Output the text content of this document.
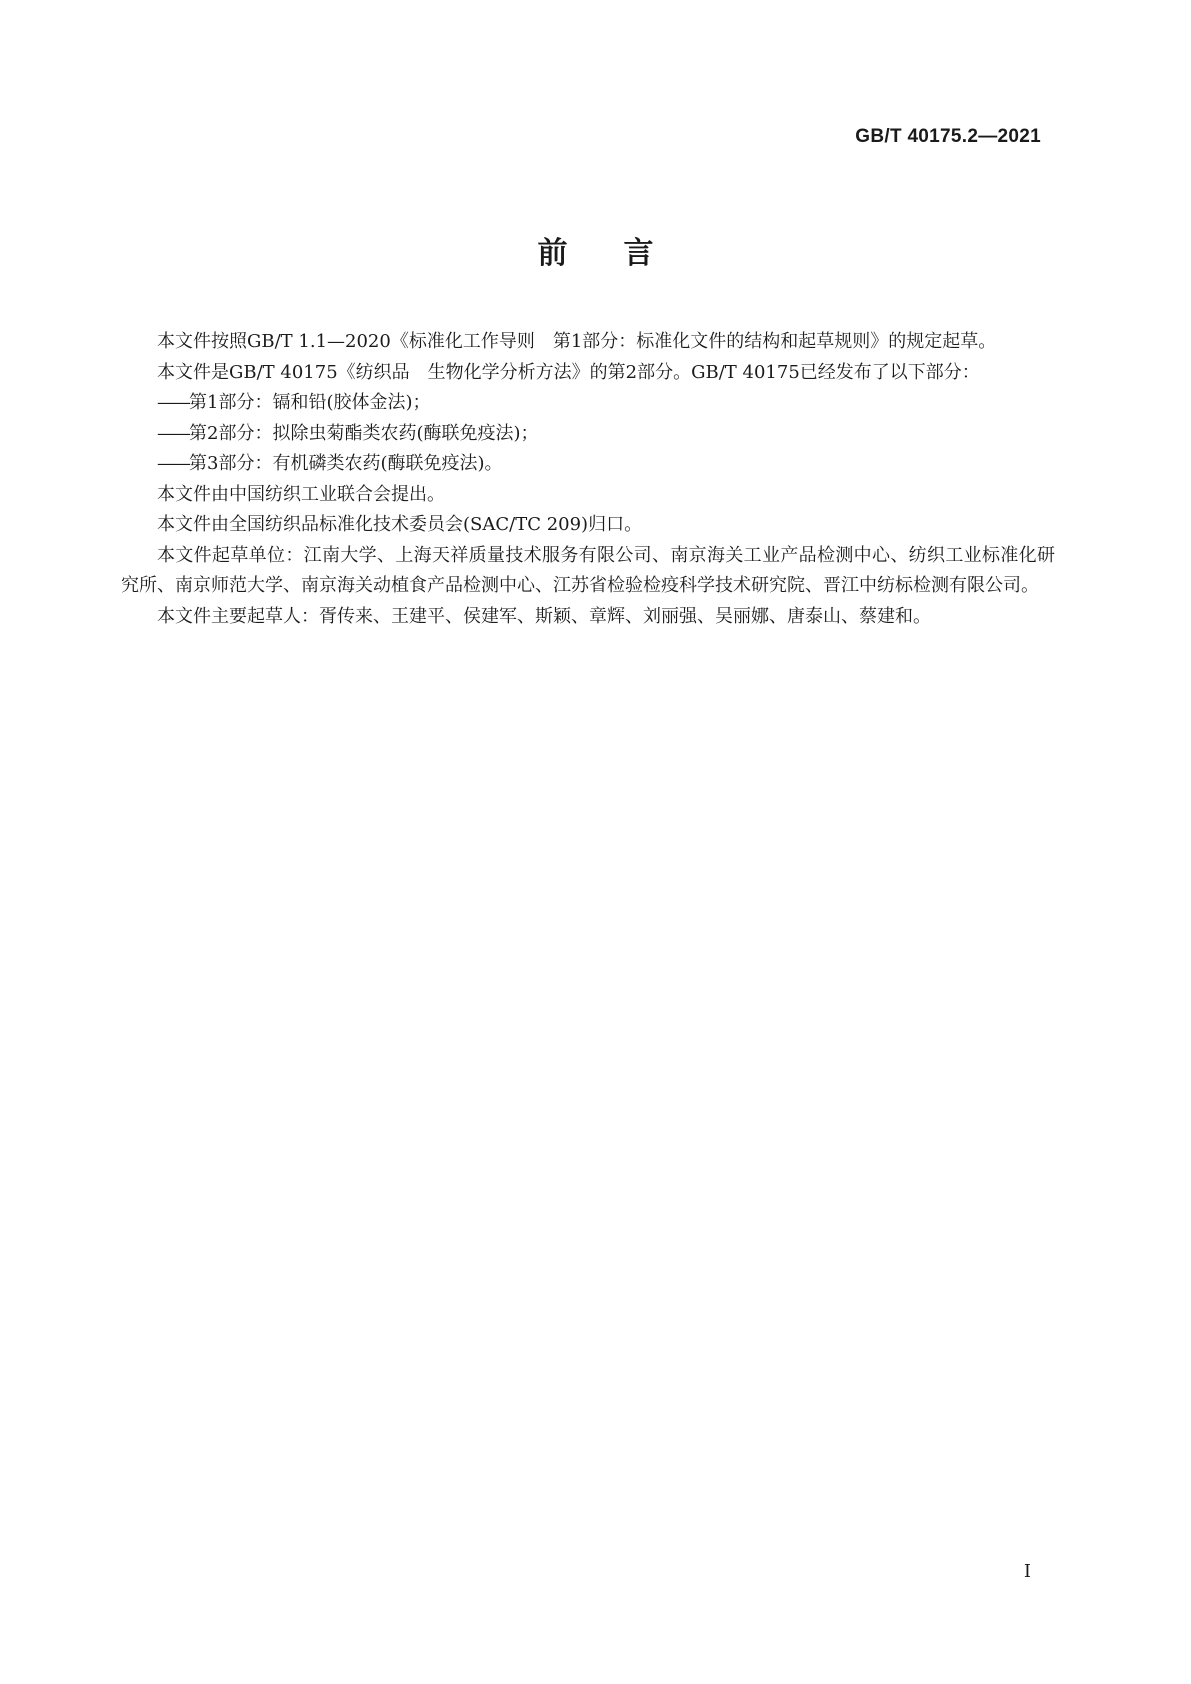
GB/T 40175.2—2021
前言

本文件按照GB/T 1.1—2020《标准化工作导则　第1部分：标准化文件的结构和起草规则》的规定起草。

本文件是GB/T 40175《纺织品　生物化学分析方法》的第2部分。GB/T 40175已经发布了以下部分：

——第1部分：镉和铅(胶体金法)；

——第2部分：拟除虫菊酯类农药(酶联免疫法)；

——第3部分：有机磷类农药(酶联免疫法)。

本文件由中国纺织工业联合会提出。

本文件由全国纺织品标准化技术委员会(SAC/TC 209)归口。

本文件起草单位：江南大学、上海天祥质量技术服务有限公司、南京海关工业产品检测中心、纺织工业标准化研究所、南京师范大学、南京海关动植食产品检测中心、江苏省检验检疫科学技术研究院、晋江中纺标检测有限公司。

本文件主要起草人：胥传来、王建平、侯建军、斯颖、章辉、刘丽强、吴丽娜、唐泰山、蔡建和。

Ⅰ
